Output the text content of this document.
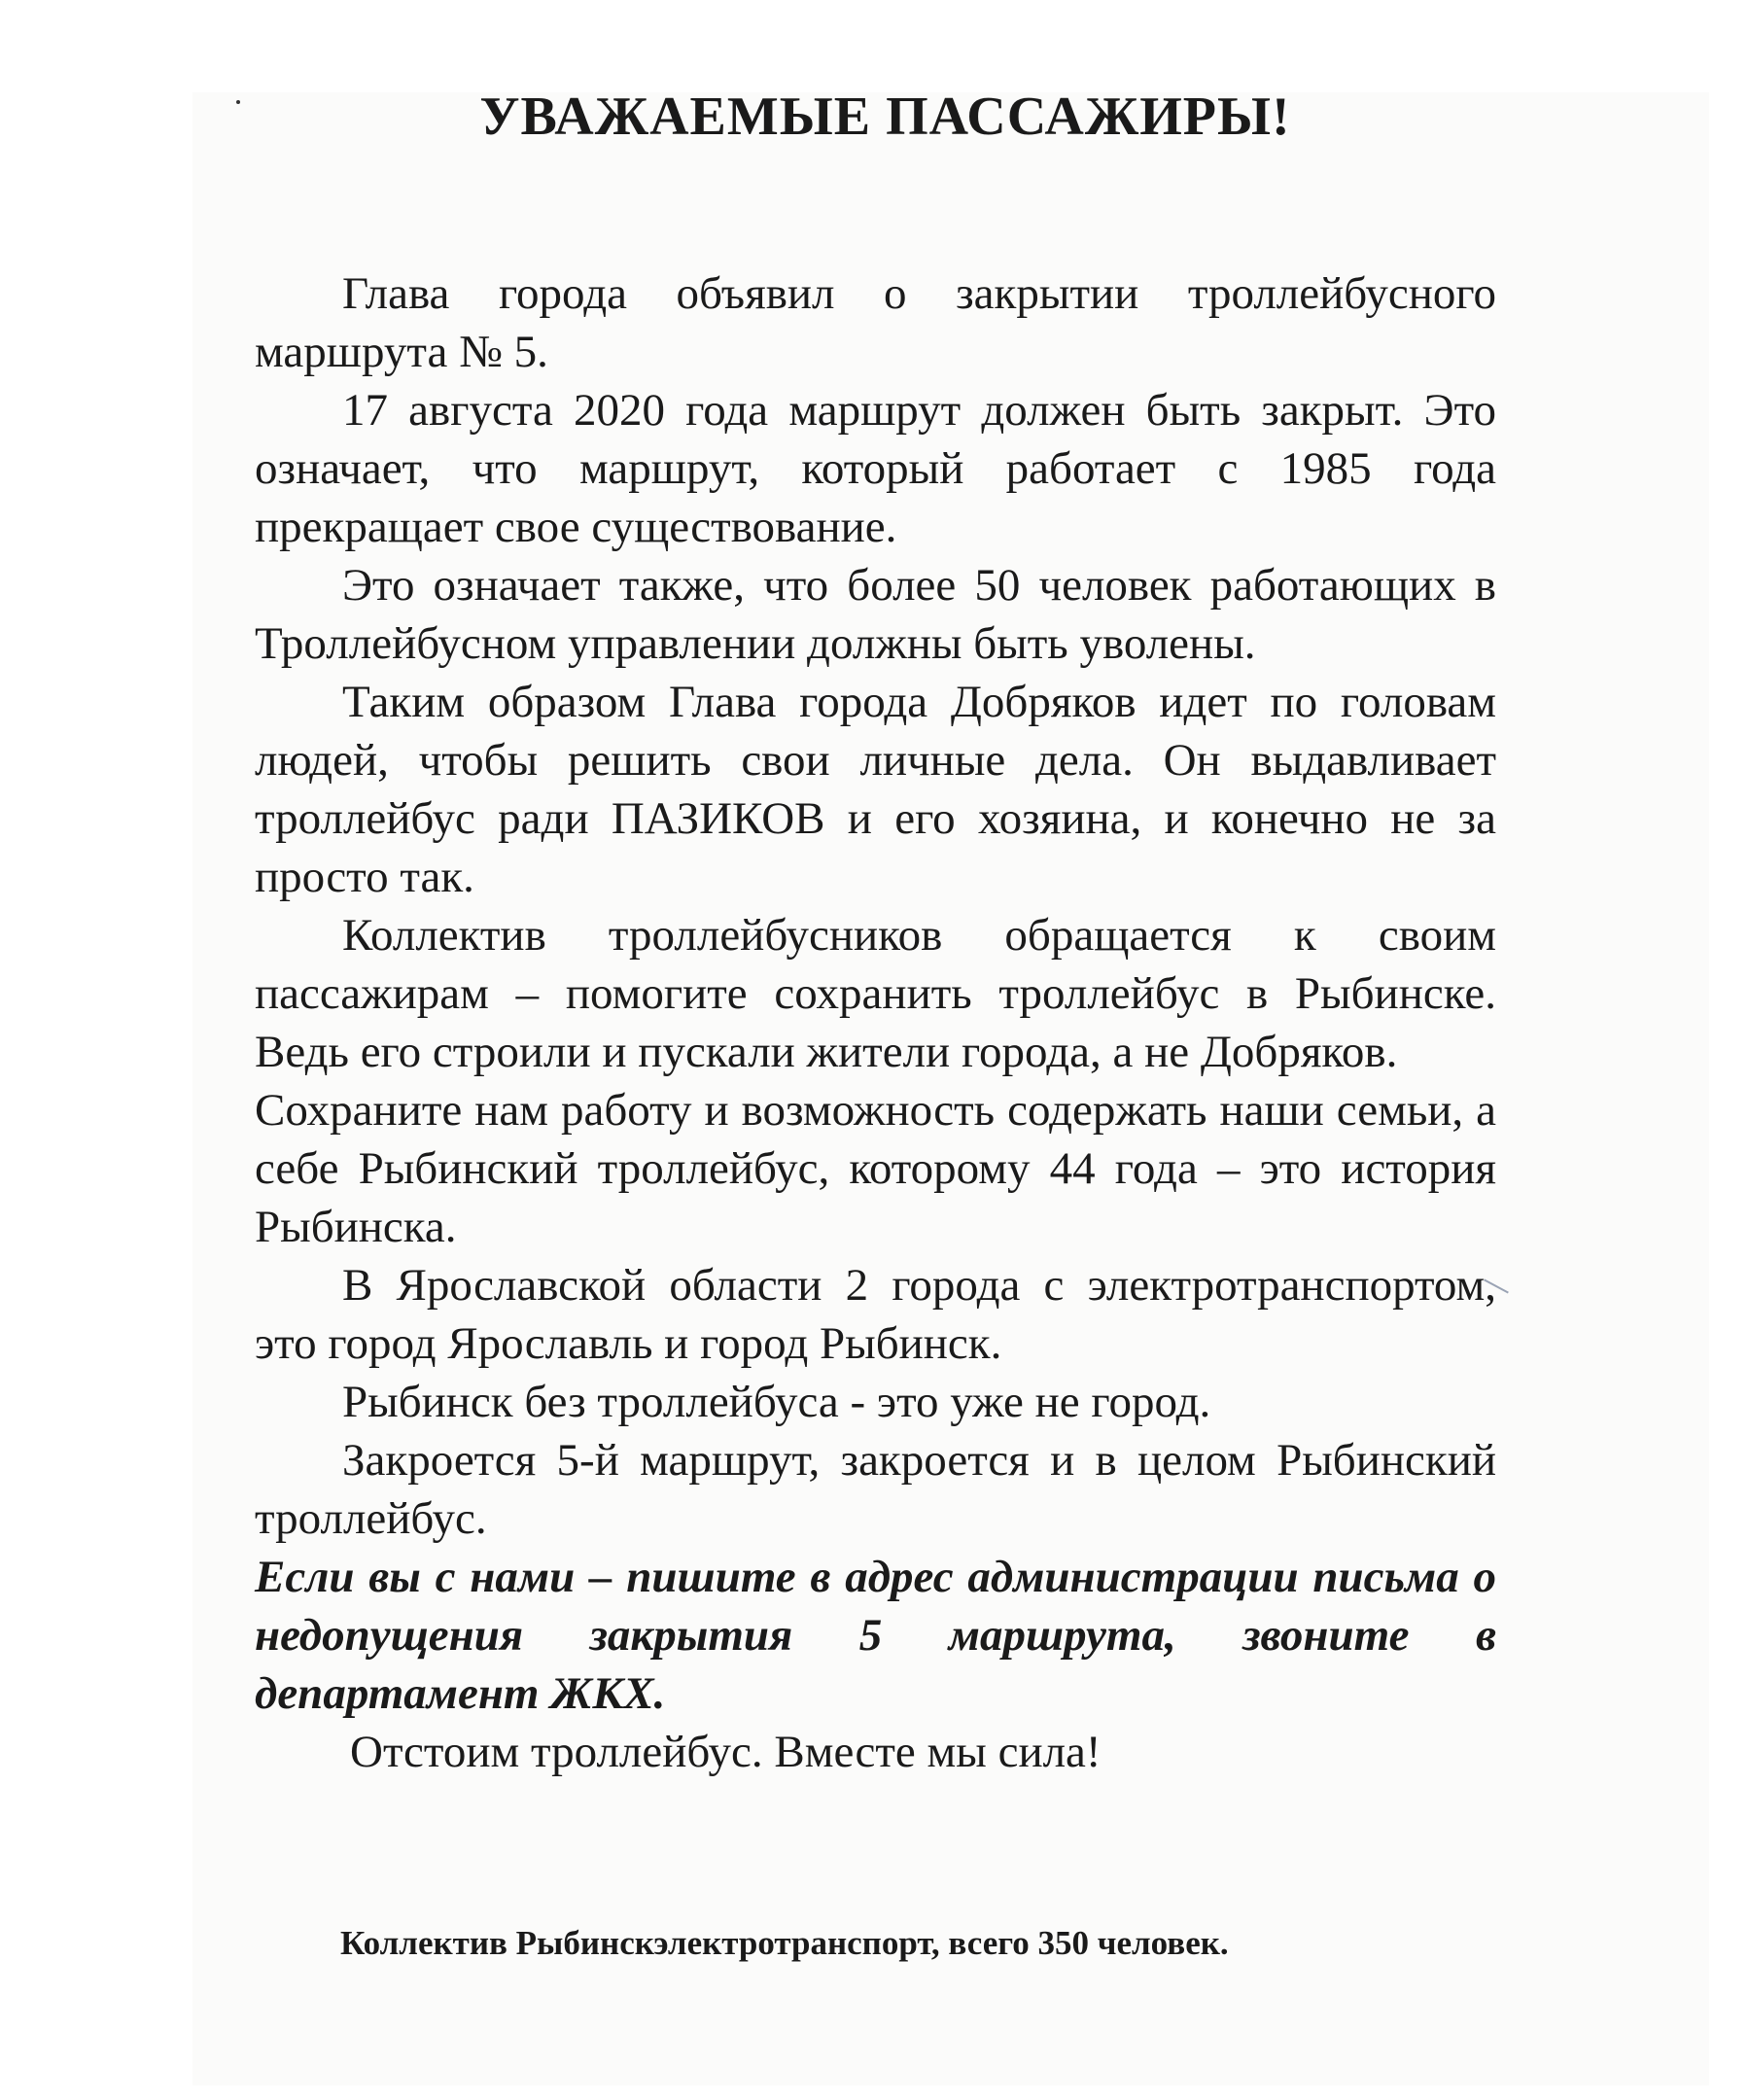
УВАЖАЕМЫЕ ПАССАЖИРЫ!

Глава города объявил о закрытии троллейбусного маршрута № 5.

17 августа 2020 года маршрут должен быть закрыт. Это означает, что маршрут, который работает с 1985 года прекращает свое существование.

Это означает также, что более 50 человек работающих в Троллейбусном управлении должны быть уволены.

Таким образом Глава города Добряков идет по головам людей, чтобы решить свои личные дела. Он выдавливает троллейбус ради ПАЗИКОВ и его хозяина, и конечно не за просто так.

Коллектив троллейбусников обращается к своим пассажирам – помогите сохранить троллейбус в Рыбинске. Ведь его строили и пускали жители города, а не Добряков.

Сохраните нам работу и возможность содержать наши семьи, а себе Рыбинский троллейбус, которому 44 года – это история Рыбинска.

В Ярославской области 2 города с электротранспортом, это город Ярославль и город Рыбинск.

Рыбинск без троллейбуса - это уже не город.

Закроется 5-й маршрут, закроется и в целом Рыбинский троллейбус.

Если вы с нами – пишите в адрес администрации письма о недопущения закрытия 5 маршрута, звоните в департамент ЖКХ.

Отстоим троллейбус. Вместе мы сила!

Коллектив Рыбинскэлектротранспорт, всего 350 человек.
